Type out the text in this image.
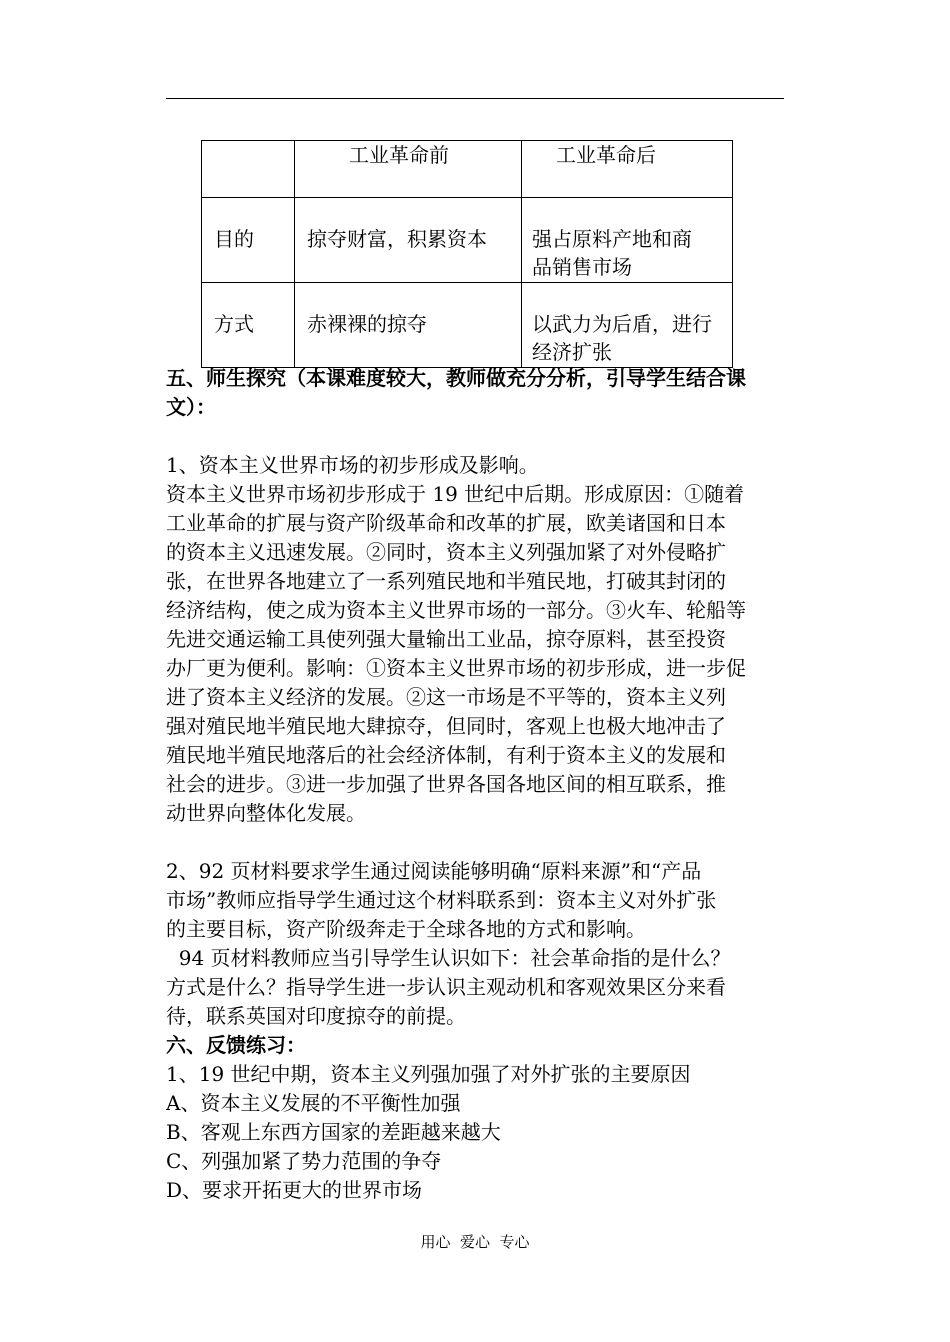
	工业革命前	工业革命后

目的	掠夺财富，积累资本	强占原料产地和商
品销售市场

方式	赤裸裸的掠夺	以武力为后盾，进行
经济扩张
五、师生探究（本课难度较大，教师做充分分析，引导学生结合课
文）：
1、资本主义世界市场的初步形成及影响。
资本主义世界市场初步形成于 19 世纪中后期。形成原因：①随着
工业革命的扩展与资产阶级革命和改革的扩展，欧美诸国和日本
的资本主义迅速发展。②同时，资本主义列强加紧了对外侵略扩
张，在世界各地建立了一系列殖民地和半殖民地，打破其封闭的
经济结构，使之成为资本主义世界市场的一部分。③火车、轮船等
先进交通运输工具使列强大量输出工业品，掠夺原料，甚至投资
办厂更为便利。影响：①资本主义世界市场的初步形成，进一步促
进了资本主义经济的发展。②这一市场是不平等的，资本主义列
强对殖民地半殖民地大肆掠夺，但同时，客观上也极大地冲击了
殖民地半殖民地落后的社会经济体制，有利于资本主义的发展和
社会的进步。③进一步加强了世界各国各地区间的相互联系，推
动世界向整体化发展。
2、92 页材料要求学生通过阅读能够明确“原料来源”和“产品
市场”教师应指导学生通过这个材料联系到：资本主义对外扩张
的主要目标，资产阶级奔走于全球各地的方式和影响。
94 页材料教师应当引导学生认识如下：社会革命指的是什么？
方式是什么？指导学生进一步认识主观动机和客观效果区分来看
待，联系英国对印度掠夺的前提。
六、反馈练习：
1、19 世纪中期，资本主义列强加强了对外扩张的主要原因
A、资本主义发展的不平衡性加强
B、客观上东西方国家的差距越来越大
C、列强加紧了势力范围的争夺
D、要求开拓更大的世界市场
用心  爱心  专心
